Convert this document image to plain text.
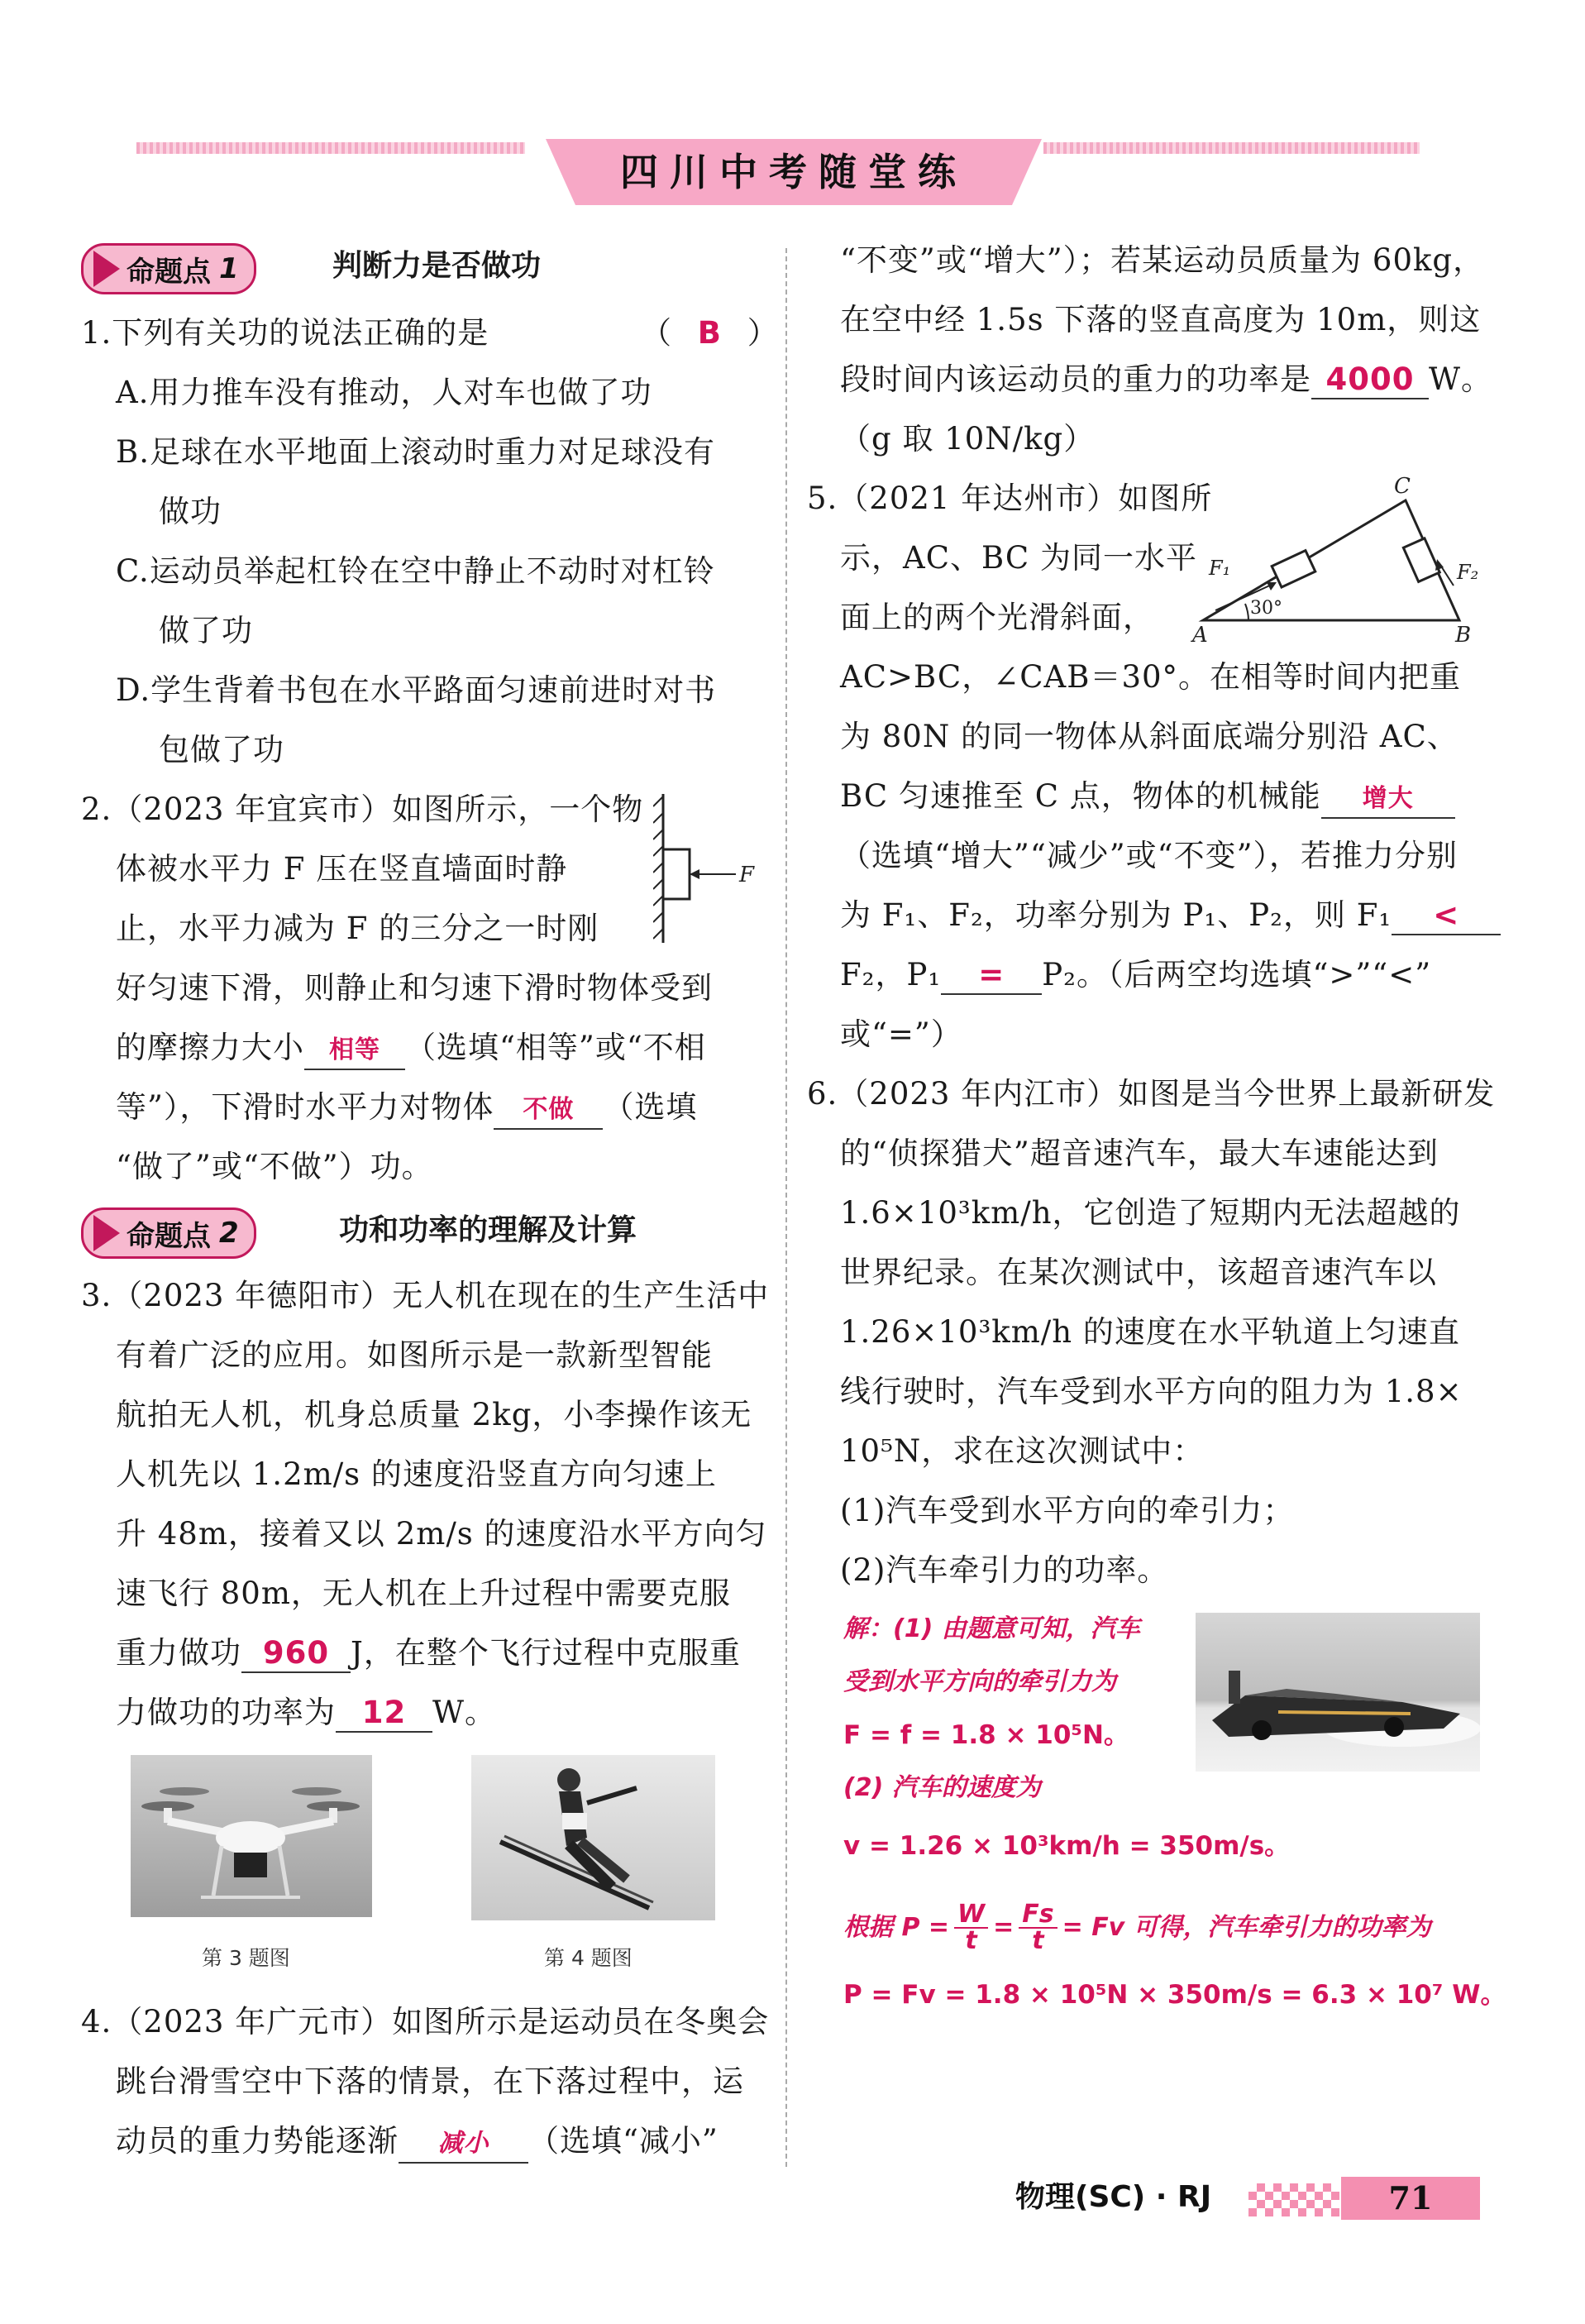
四川中考随堂练
命题点 1	判断力是否做功
1.下列有关功的说法正确的是	（ B ）
A.用力推车没有推动，人对车也做了功
B.足球在水平地面上滚动时重力对足球没有
做功
C.运动员举起杠铃在空中静止不动时对杠铃
做了功
D.学生背着书包在水平路面匀速前进时对书
包做了功
2.（2023 年宜宾市）如图所示，一个物
体被水平力 F 压在竖直墙面时静
止，水平力减为 F 的三分之一时刚
好匀速下滑，则静止和匀速下滑时物体受到
的摩擦力大小 相等 （选填“相等”或“不相
等”），下滑时水平力对物体 不做 （选填
“做了”或“不做”）功。
F
命题点 2	功和功率的理解及计算
3.（2023 年德阳市）无人机在现在的生产生活中
有着广泛的应用。如图所示是一款新型智能
航拍无人机，机身总质量 2kg，小李操作该无
人机先以 1.2m/s 的速度沿竖直方向匀速上
升 48m，接着又以 2m/s 的速度沿水平方向匀
速飞行 80m，无人机在上升过程中需要克服
重力做功 960 J，在整个飞行过程中克服重
力做功的功率为 12 W。
第 3 题图	第 4 题图
4.（2023 年广元市）如图所示是运动员在冬奥会
跳台滑雪空中下落的情景，在下落过程中，运
动员的重力势能逐渐 减小 （选填“减小”
“不变”或“增大”）；若某运动员质量为 60kg，
在空中经 1.5s 下落的竖直高度为 10m，则这
段时间内该运动员的重力的功率是 4000 W。
（g 取 10N/kg）
5.（2021 年达州市）如图所
示，AC、BC 为同一水平
面上的两个光滑斜面， A	B
C
30°
F₁	F₂
AC>BC，∠CAB＝30°。在相等时间内把重
为 80N 的同一物体从斜面底端分别沿 AC、
BC 匀速推至 C 点，物体的机械能 增大
（选填“增大”“减少”或“不变”），若推力分别
为 F₁、F₂，功率分别为 P₁、P₂，则 F₁ <
F₂，P₁ = P₂。（后两空均选填“>”“<”
或“=”）
6.（2023 年内江市）如图是当今世界上最新研发
的“侦探猎犬”超音速汽车，最大车速能达到
1.6×10³km/h，它创造了短期内无法超越的
世界纪录。在某次测试中，该超音速汽车以
1.26×10³km/h 的速度在水平轨道上匀速直
线行驶时，汽车受到水平方向的阻力为 1.8×
10⁵N，求在这次测试中：
(1)汽车受到水平方向的牵引力；
(2)汽车牵引力的功率。
解：(1) 由题意可知，汽车
受到水平方向的牵引力为
F = f = 1.8 × 10⁵N。
(2) 汽车的速度为
v = 1.26 × 10³km/h = 350m/s。
根据 $P = \frac{W}{t} = \frac{Fs}{t} = Fv$ 可得，汽车牵引力的功率为
P = Fv = 1.8 × 10⁵N × 350m/s = 6.3 × 10⁷ W。
物理(SC) · RJ	71
